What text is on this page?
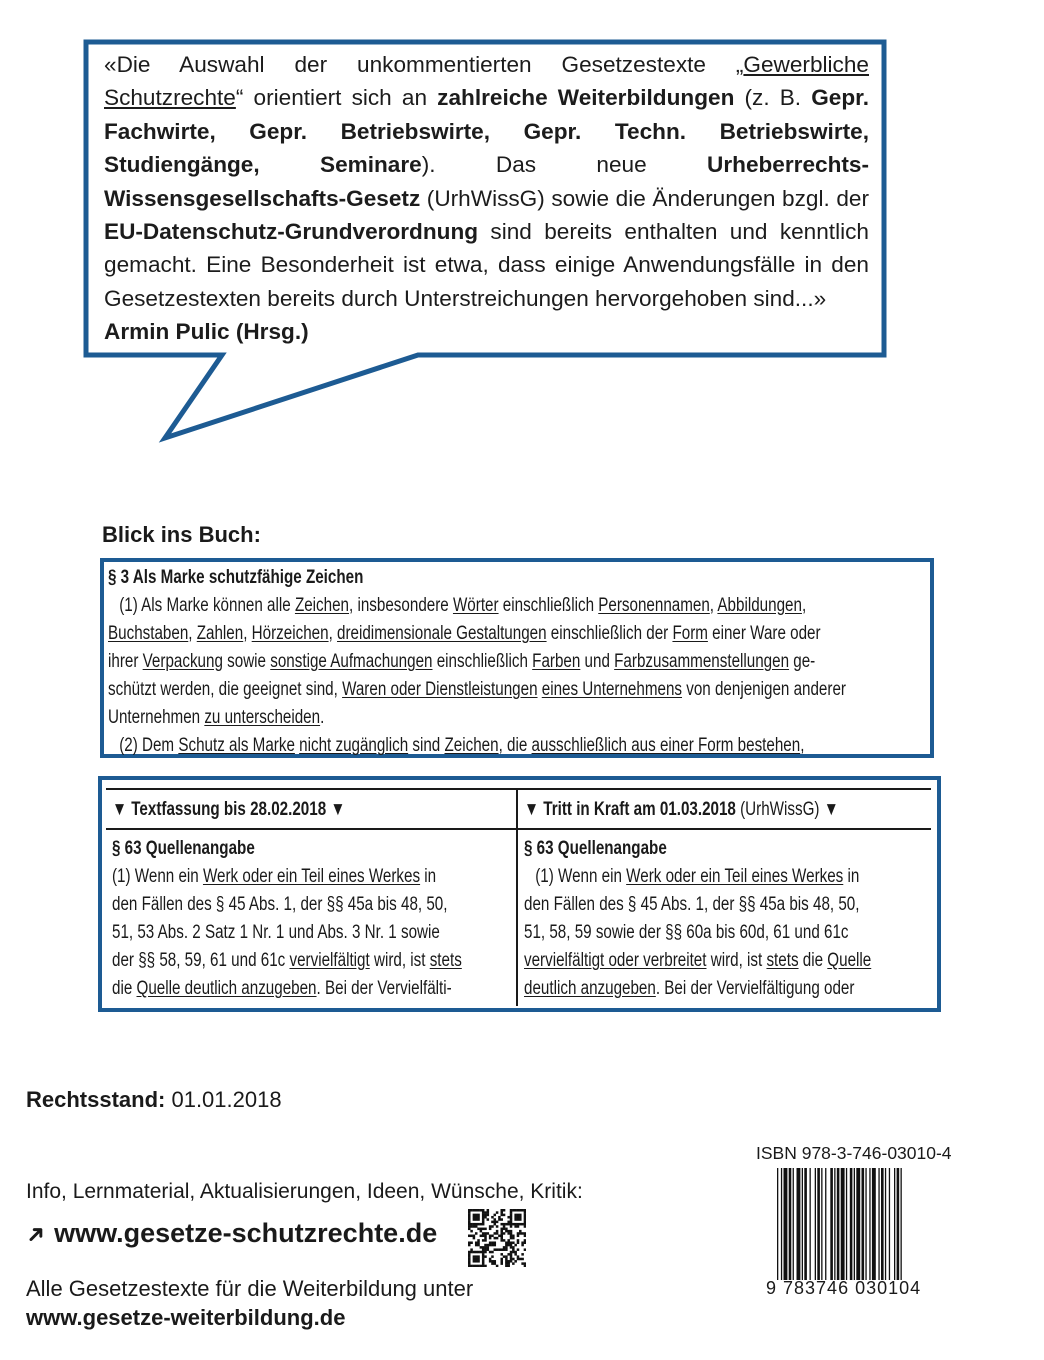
«Die Auswahl der unkommentierten Gesetzestexte „Gewerbliche Schutzrechte“ orientiert sich an zahlreiche Weiterbildungen (z. B. Gepr. Fachwirte, Gepr. Betriebswirte, Gepr. Techn. Betriebswirte, Studiengänge, Seminare). Das neue Urheberrechts-Wissensgesellschafts-Gesetz (UrhWissG) sowie die Änderungen bzgl. der EU-Datenschutz-Grundverordnung sind bereits enthalten und kenntlich gemacht. Eine Besonderheit ist etwa, dass einige Anwendungsfälle in den Gesetzestexten bereits durch Unterstreichungen hervorgehoben sind...»
Armin Pulic (Hrsg.)
Blick ins Buch:
§ 3 Als Marke schutzfähige Zeichen
(1) Als Marke können alle Zeichen, insbesondere Wörter einschließlich Personennamen, Abbildungen,
Buchstaben, Zahlen, Hörzeichen, dreidimensionale Gestaltungen einschließlich der Form einer Ware oder
ihrer Verpackung sowie sonstige Aufmachungen einschließlich Farben und Farbzusammenstellungen ge-
schützt werden, die geeignet sind, Waren oder Dienstleistungen eines Unternehmens von denjenigen anderer
Unternehmen zu unterscheiden.
(2) Dem Schutz als Marke nicht zugänglich sind Zeichen, die ausschließlich aus einer Form bestehen,
▼ Textfassung bis 28.02.2018 ▼	▼ Tritt in Kraft am 01.03.2018 (UrhWissG) ▼
§ 63 Quellenangabe
(1) Wenn ein Werk oder ein Teil eines Werkes in
den Fällen des § 45 Abs. 1, der §§ 45a bis 48, 50,
51, 53 Abs. 2 Satz 1 Nr. 1 und Abs. 3 Nr. 1 sowie
der §§ 58, 59, 61 und 61c vervielfältigt wird, ist stets
die Quelle deutlich anzugeben. Bei der Vervielfälti-
§ 63 Quellenangabe
(1) Wenn ein Werk oder ein Teil eines Werkes in
den Fällen des § 45 Abs. 1, der §§ 45a bis 48, 50,
51, 58, 59 sowie der §§ 60a bis 60d, 61 und 61c
vervielfältigt oder verbreitet wird, ist stets die Quelle
deutlich anzugeben. Bei der Vervielfältigung oder
Rechtsstand: 01.01.2018
ISBN 978-3-746-03010-4
9 783746 030104
Info, Lernmaterial, Aktualisierungen, Ideen, Wünsche, Kritik:
➜www.gesetze-schutzrechte.de
Alle Gesetzestexte für die Weiterbildung unter
www.gesetze-weiterbildung.de
